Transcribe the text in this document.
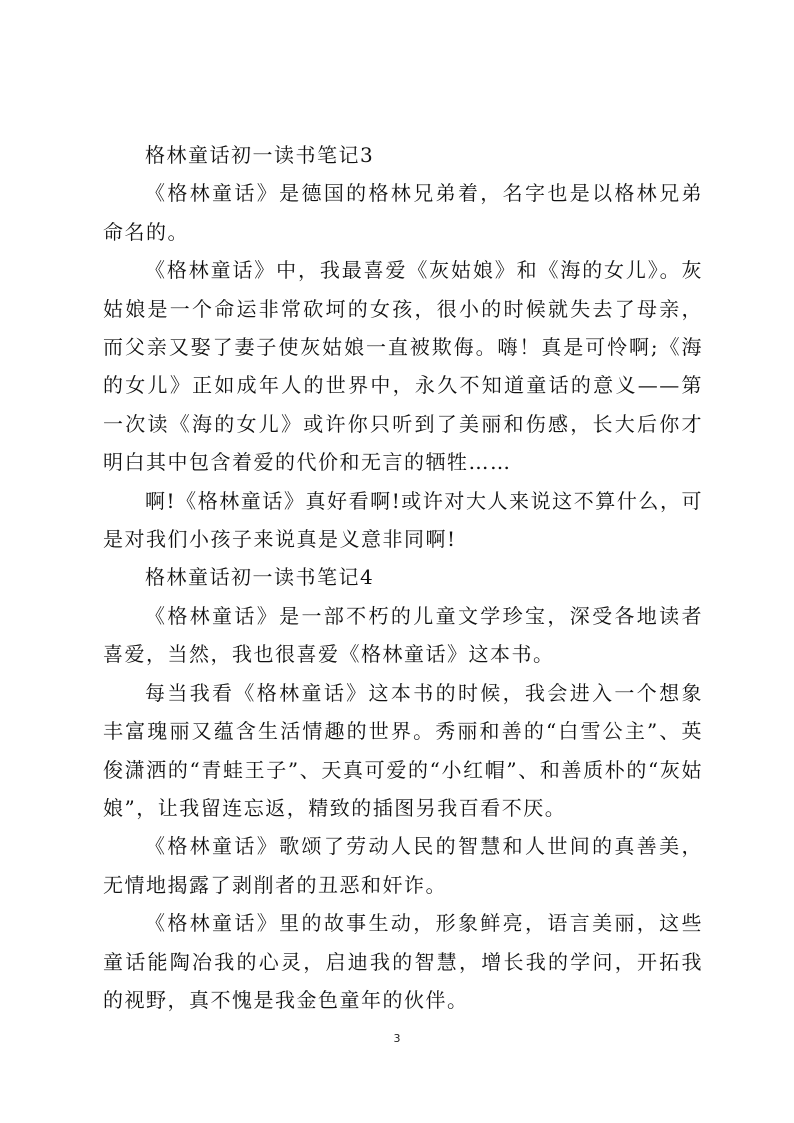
格林童话初一读书笔记3

《格林童话》是德国的格林兄弟着，名字也是以格林兄弟命名的。

《格林童话》中，我最喜爱《灰姑娘》和《海的女儿》。灰姑娘是一个命运非常砍坷的女孩，很小的时候就失去了母亲，而父亲又娶了妻子使灰姑娘一直被欺侮。嗨！真是可怜啊;《海的女儿》正如成年人的世界中，永久不知道童话的意义——第一次读《海的女儿》或许你只听到了美丽和伤感，长大后你才明白其中包含着爱的代价和无言的牺牲……

啊!《格林童话》真好看啊!或许对大人来说这不算什么，可是对我们小孩子来说真是义意非同啊!

格林童话初一读书笔记4

《格林童话》是一部不朽的儿童文学珍宝，深受各地读者喜爱，当然，我也很喜爱《格林童话》这本书。

每当我看《格林童话》这本书的时候，我会进入一个想象丰富瑰丽又蕴含生活情趣的世界。秀丽和善的“白雪公主”、英俊潇洒的“青蛙王子”、天真可爱的“小红帽”、和善质朴的“灰姑娘”，让我留连忘返，精致的插图另我百看不厌。

《格林童话》歌颂了劳动人民的智慧和人世间的真善美，无情地揭露了剥削者的丑恶和奸诈。

《格林童话》里的故事生动，形象鲜亮，语言美丽，这些童话能陶冶我的心灵，启迪我的智慧，增长我的学问，开拓我的视野，真不愧是我金色童年的伙伴。

3
